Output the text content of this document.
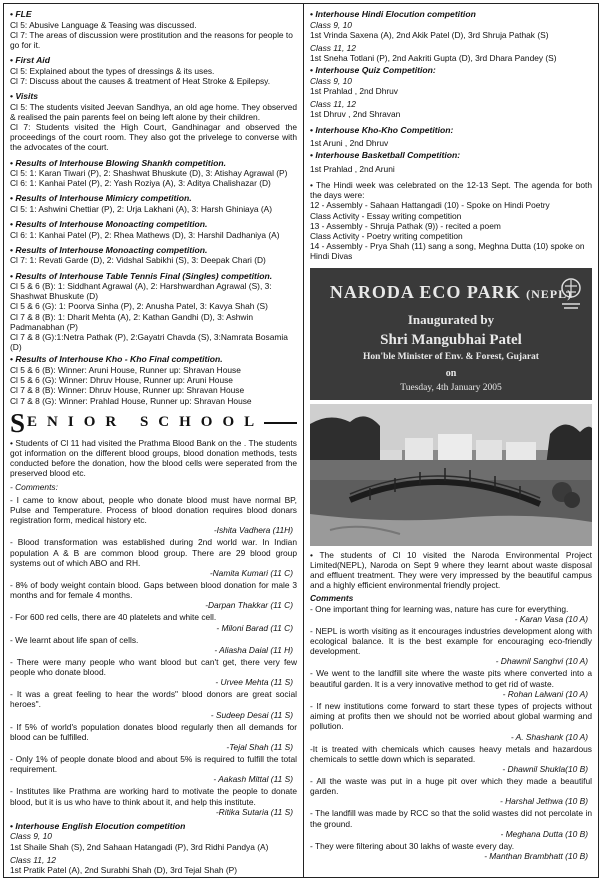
• FLE
Cl 5: Abusive Language & Teasing was discussed.
Cl 7: The areas of discussion were prostitution and the reasons for people to go for it.
• First Aid
Cl 5: Explained about the types of dressings & its uses.
Cl 7: Discuss about the causes & treatment of Heat Stroke & Epilepsy.
• Visits
Cl 5: The students visited Jeevan Sandhya, an old age home. They observed & realised the pain parents feel on being left alone by their children.
Cl 7: Students visited the High Court, Gandhinagar and observed the proceedings of the court room. They also got the privelege to converse with the advocates of the court.
• Results of Interhouse Blowing Shankh competition.
Cl 5: 1: Karan Tiwari (P), 2: Shashwat Bhuskute (D), 3: Atishay Agrawal (P)
Cl 6: 1: Kanhai Patel (P), 2: Yash Roziya (A), 3: Aditya Chalishazar (D)
• Results of Interhouse Mimicry competition.
Cl 5: 1: Ashwini Chettiar (P), 2: Urja Lakhani (A), 3: Harsh Ghiniaya (A)
• Results of Interhouse Monoacting competition.
Cl 6: 1: Kanhai Patel (P), 2: Rhea Mathews (D), 3: Harshil Dadhaniya (A)
• Results of Interhouse Monoacting competition.
Cl 7: 1: Revati Garde (D), 2: Vidshal Sabikhi (S), 3: Deepak Chari (D)
• Results of Interhouse Table Tennis Final (Singles) competition.
Cl 5 & 6 (B): 1: Siddhant Agrawal (A), 2: Harshwardhan Agrawal (S), 3: Shashwat Bhuskute (D)
Cl 5 & 6 (G): 1: Poorva Sinha (P), 2: Anusha Patel, 3: Kavya Shah (S)
Cl 7 & 8 (B): 1: Dharit Mehta (A), 2: Kathan Gandhi (D), 3: Ashwin Padmanabhan (P)
Cl 7 & 8 (G):1:Netra Pathak (P), 2:Gayatri Chavda (S), 3:Namrata Bosamia (D)
• Results of Interhouse Kho - Kho Final competition.
Cl 5 & 6 (B): Winner: Aruni House, Runner up: Shravan House
Cl 5 & 6 (G): Winner: Dhruv House, Runner up: Aruni House
Cl 7 & 8 (B): Winner: Dhruv House, Runner up: Shravan House
Cl 7 & 8 (G): Winner: Prahlad House, Runner up: Shravan House
S ENIOR SCHOOL
• Students of Cl 11 had visited the Prathma Blood Bank on the . The students got information on the different blood groups, blood donation methods, tests conducted before the donation, how the blood cells were seperated from the preserved blood etc.
- Comments:
- I came to know about, people who donate blood must have normal BP, Pulse and Temperature. Process of blood donation requires blood donars registration form, medical history etc.
-Ishita Vadhera (11H)
- Blood transformation was established during 2nd world war. In Indian population A & B are common blood group. There are 29 blood group systems out of which ABO and RH.
-Namita Kumari (11 C)
- 8% of body weight contain blood. Gaps between blood donation for male 3 months and for female 4 months.
-Darpan Thakkar (11 C)
- For 600 red cells, there are 40 platelets and white cell.
- Miloni Barad (11 C)
- We learnt about life span of cells.
- Aliasha Daial (11 H)
- There were many people who want blood but can't get, there very few people who donate blood.
- Urvee Mehta (11 S)
- It was a great feeling to hear the words" blood donors are great social heroes".
- Sudeep Desai (11 S)
- If 5% of world's population donates blood regularly then all demands for blood can be fulfilled.
-Tejal Shah (11 S)
- Only 1% of people donate blood and about 5% is required to fulfill the total requirement.
- Aakash Mittal (11 S)
- Institutes like Prathma are working hard to motivate the people to donate blood, but it is us who have to think about it, and help this institute.
-Ritika Sutaria (11 S)
• Interhouse English Elocution competition
Class 9, 10
1st Shaile Shah (S), 2nd Sahaan Hatangadi (P), 3rd Ridhi Pandya (A)
Class 11, 12
1st Pratik Patel (A), 2nd Surabhi Shah (D), 3rd Tejal Shah (P)
• Interhouse Hindi Elocution competition
Class 9, 10
1st Vrinda Saxena (A), 2nd Akik Patel (D), 3rd Shruja Pathak (S)
Class 11, 12
1st Sneha Totlani (P), 2nd Aakriti Gupta (D), 3rd Dhara Pandey (S)
• Interhouse Quiz Competition:
Class 9, 10
1st Prahlad , 2nd Dhruv
Class 11, 12
1st Dhruv , 2nd Shravan
• Interhouse Kho-Kho Competition:
1st Aruni , 2nd Dhruv
• Interhouse Basketball Competition:
1st Prahlad , 2nd Aruni
• The Hindi week was celebrated on the 12-13 Sept. The agenda for both the days were:
12 - Assembly - Sahaan Hattangadi (10) - Spoke on Hindi Poetry
Class Activity - Essay writing competition
13 - Assembly - Shruja Pathak (9)) - recited a poem
Class Activity - Poetry writing competition
14 - Assembly - Prya Shah (11) sang a song, Meghna Dutta (10) spoke on Hindi Divas
NARODA ECO PARK (NEPL)
Inaugurated by
Shri Mangubhai Patel
Hon'ble Minister of Env. & Forest, Gujarat
on
Tuesday, 4th January 2005
• The students of Cl 10 visited the Naroda Environmental Project Limited(NEPL), Naroda on Sept 9 where they learnt about waste disposal and effluent treatment. They were very impressed by the beautiful campus and a highly efficient environmental friendly project.
Comments
- One important thing for learning was, nature has cure for everything.
- Karan Vasa (10 A)
- NEPL is worth visiting as it encourages industries development along with ecological balance. It is the best example for encouraging eco-friendly development.
- Dhawnil Sanghvi (10 A)
- We went to the landfill site where the waste pits where converted into a beautiful garden. It is a very innovative method to get rid of waste.
- Rohan Lalwani (10 A)
- If new institutions come forward to start these types of projects without aiming at profits then we should not be worried about global warming and pollution.
- A. Shashank (10 A)
-It is treated with chemicals which causes heavy metals and hazardous chemicals to settle down which is separated.
- Dhawnil Shukla(10 B)
- All the waste was put in a huge pit over which they made a beautiful garden.
- Harshal Jethwa (10 B)
- The landfill was made by RCC so that the solid wastes did not percolate in the ground.
- Meghana Dutta (10 B)
- They were filtering about 30 lakhs of waste every day.
- Manthan Brambhatt (10 B)
